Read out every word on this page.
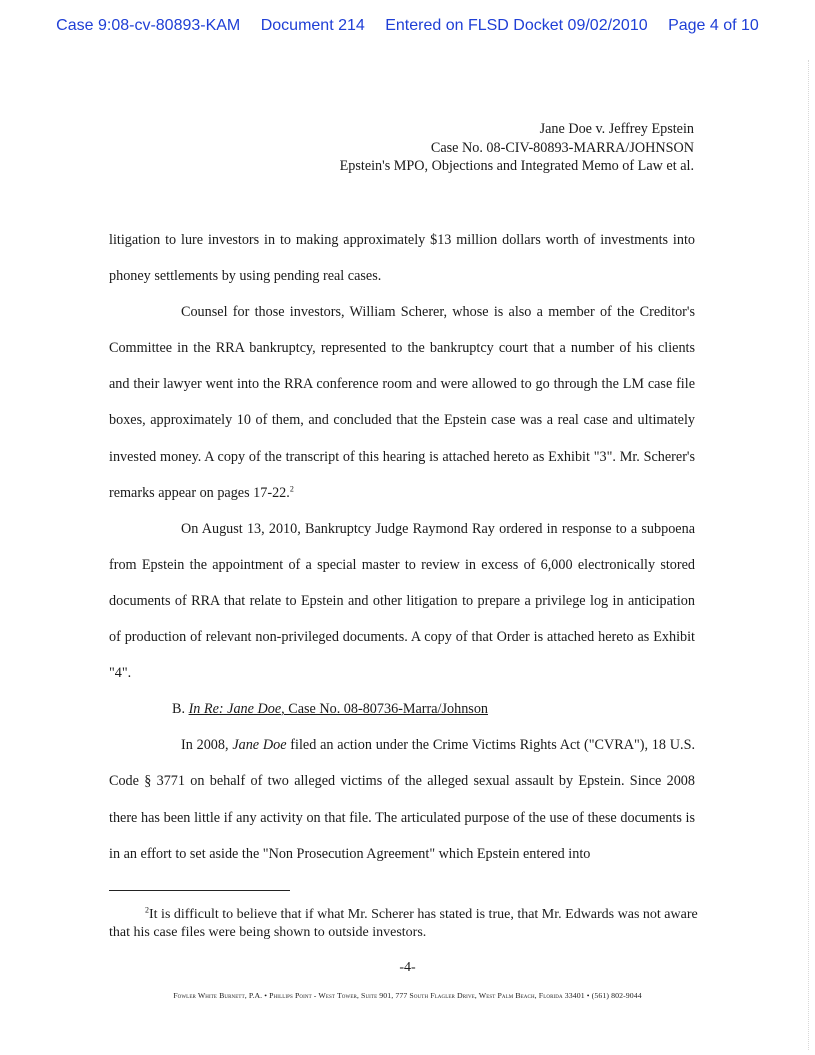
Case 9:08-cv-80893-KAM Document 214 Entered on FLSD Docket 09/02/2010 Page 4 of 10
Jane Doe v. Jeffrey Epstein
Case No. 08-CIV-80893-MARRA/JOHNSON
Epstein's MPO, Objections and Integrated Memo of Law et al.

litigation to lure investors in to making approximately $13 million dollars worth of investments into phoney settlements by using pending real cases.

Counsel for those investors, William Scherer, whose is also a member of the Creditor's Committee in the RRA bankruptcy, represented to the bankruptcy court that a number of his clients and their lawyer went into the RRA conference room and were allowed to go through the LM case file boxes, approximately 10 of them, and concluded that the Epstein case was a real case and ultimately invested money. A copy of the transcript of this hearing is attached hereto as Exhibit "3". Mr. Scherer's remarks appear on pages 17-22.$^2$

On August 13, 2010, Bankruptcy Judge Raymond Ray ordered in response to a subpoena from Epstein the appointment of a special master to review in excess of 6,000 electronically stored documents of RRA that relate to Epstein and other litigation to prepare a privilege log in anticipation of production of relevant non-privileged documents. A copy of that Order is attached hereto as Exhibit "4".

B. In Re: Jane Doe, Case No. 08-80736-Marra/Johnson

In 2008, Jane Doe filed an action under the Crime Victims Rights Act ("CVRA"), 18 U.S. Code § 3771 on behalf of two alleged victims of the alleged sexual assault by Epstein. Since 2008 there has been little if any activity on that file. The articulated purpose of the use of these documents is in an effort to set aside the "Non Prosecution Agreement" which Epstein entered into

$^2$It is difficult to believe that if what Mr. Scherer has stated is true, that Mr. Edwards was not aware that his case files were being shown to outside investors.
-4-
Fowler White Burnett, P.A. • Phillips Point - West Tower, Suite 901, 777 South Flagler Drive, West Palm Beach, Florida 33401 • (561) 802-9044
